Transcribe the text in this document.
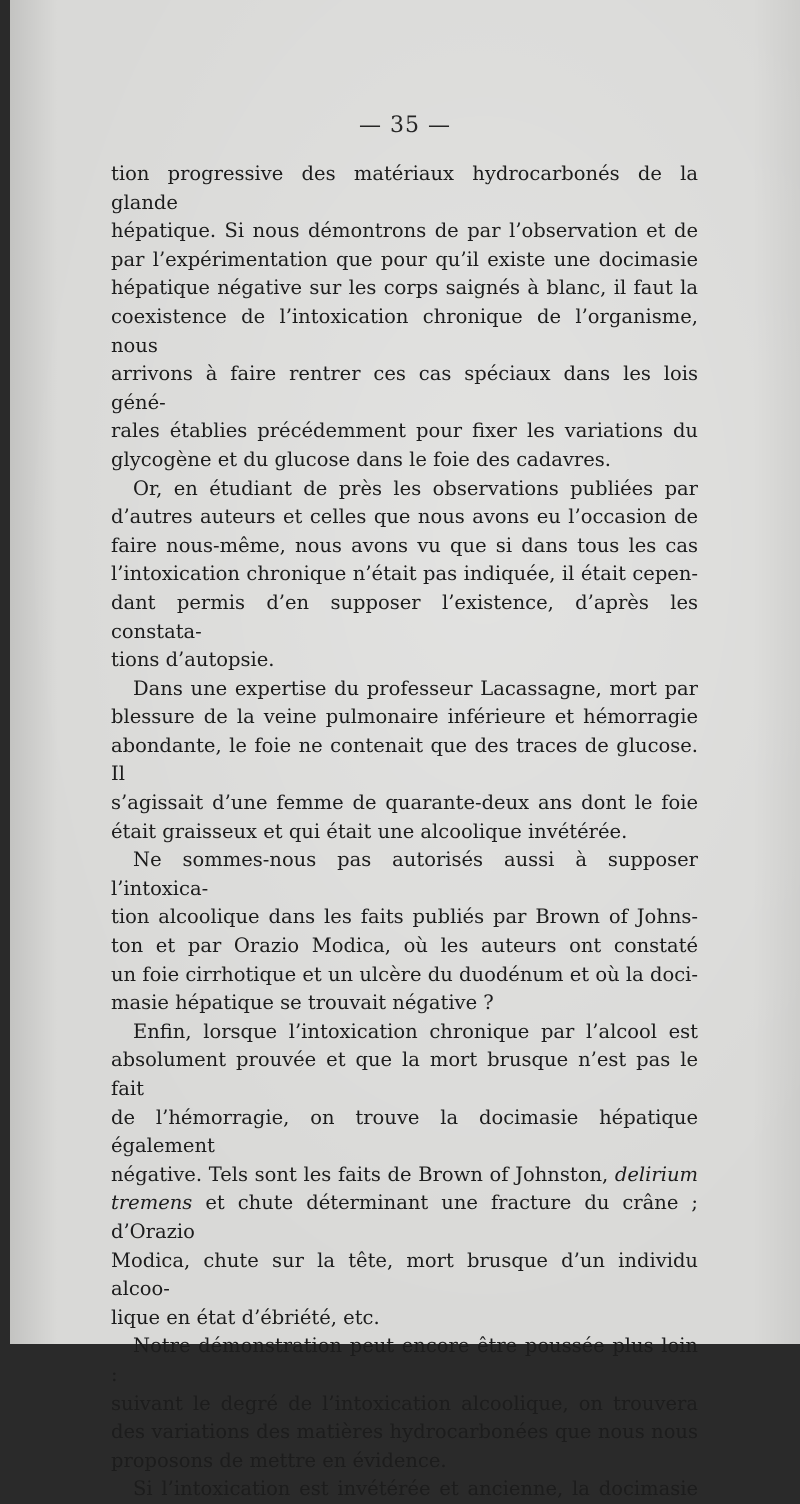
— 35 —

tion progressive des matériaux hydrocarbonés de la glande
hépatique. Si nous démontrons de par l’observation et de
par l’expérimentation que pour qu’il existe une docimasie
hépatique négative sur les corps saignés à blanc, il faut la
coexistence de l’intoxication chronique de l’organisme, nous
arrivons à faire rentrer ces cas spéciaux dans les lois géné-
rales établies précédemment pour fixer les variations du

glycogène et du glucose dans le foie des cadavres.

Or, en étudiant de près les observations publiées par

d’autres auteurs et celles que nous avons eu l’occasion de
faire nous-même, nous avons vu que si dans tous les cas
l’intoxication chronique n’était pas indiquée, il était cepen-
dant permis d’en supposer l’existence, d’après les constata-

tions d’autopsie.

Dans une expertise du professeur Lacassagne, mort par

blessure de la veine pulmonaire inférieure et hémorragie
abondante, le foie ne contenait que des traces de glucose. Il
s’agissait d’une femme de quarante-deux ans dont le foie

était graisseux et qui était une alcoolique invétérée.

Ne sommes-nous pas autorisés aussi à supposer l’intoxica-

tion alcoolique dans les faits publiés par Brown of Johns-
ton et par Orazio Modica, où les auteurs ont constaté
un foie cirrhotique et un ulcère du duodénum et où la doci-

masie hépatique se trouvait négative ?

Enfin, lorsque l’intoxication chronique par l’alcool est

absolument prouvée et que la mort brusque n’est pas le fait
de l’hémorragie, on trouve la docimasie hépatique également
négative. Tels sont les faits de Brown of Johnston, delirium
tremens et chute déterminant une fracture du crâne ; d’Orazio
Modica, chute sur la tête, mort brusque d’un individu alcoo-

lique en état d’ébriété, etc.

Notre démonstration peut encore être poussée plus loin :

suivant le degré de l’intoxication alcoolique, on trouvera
des variations des matières hydrocarbonées que nous nous

proposons de mettre en évidence.

Si l’intoxication est invétérée et ancienne, la docimasie
